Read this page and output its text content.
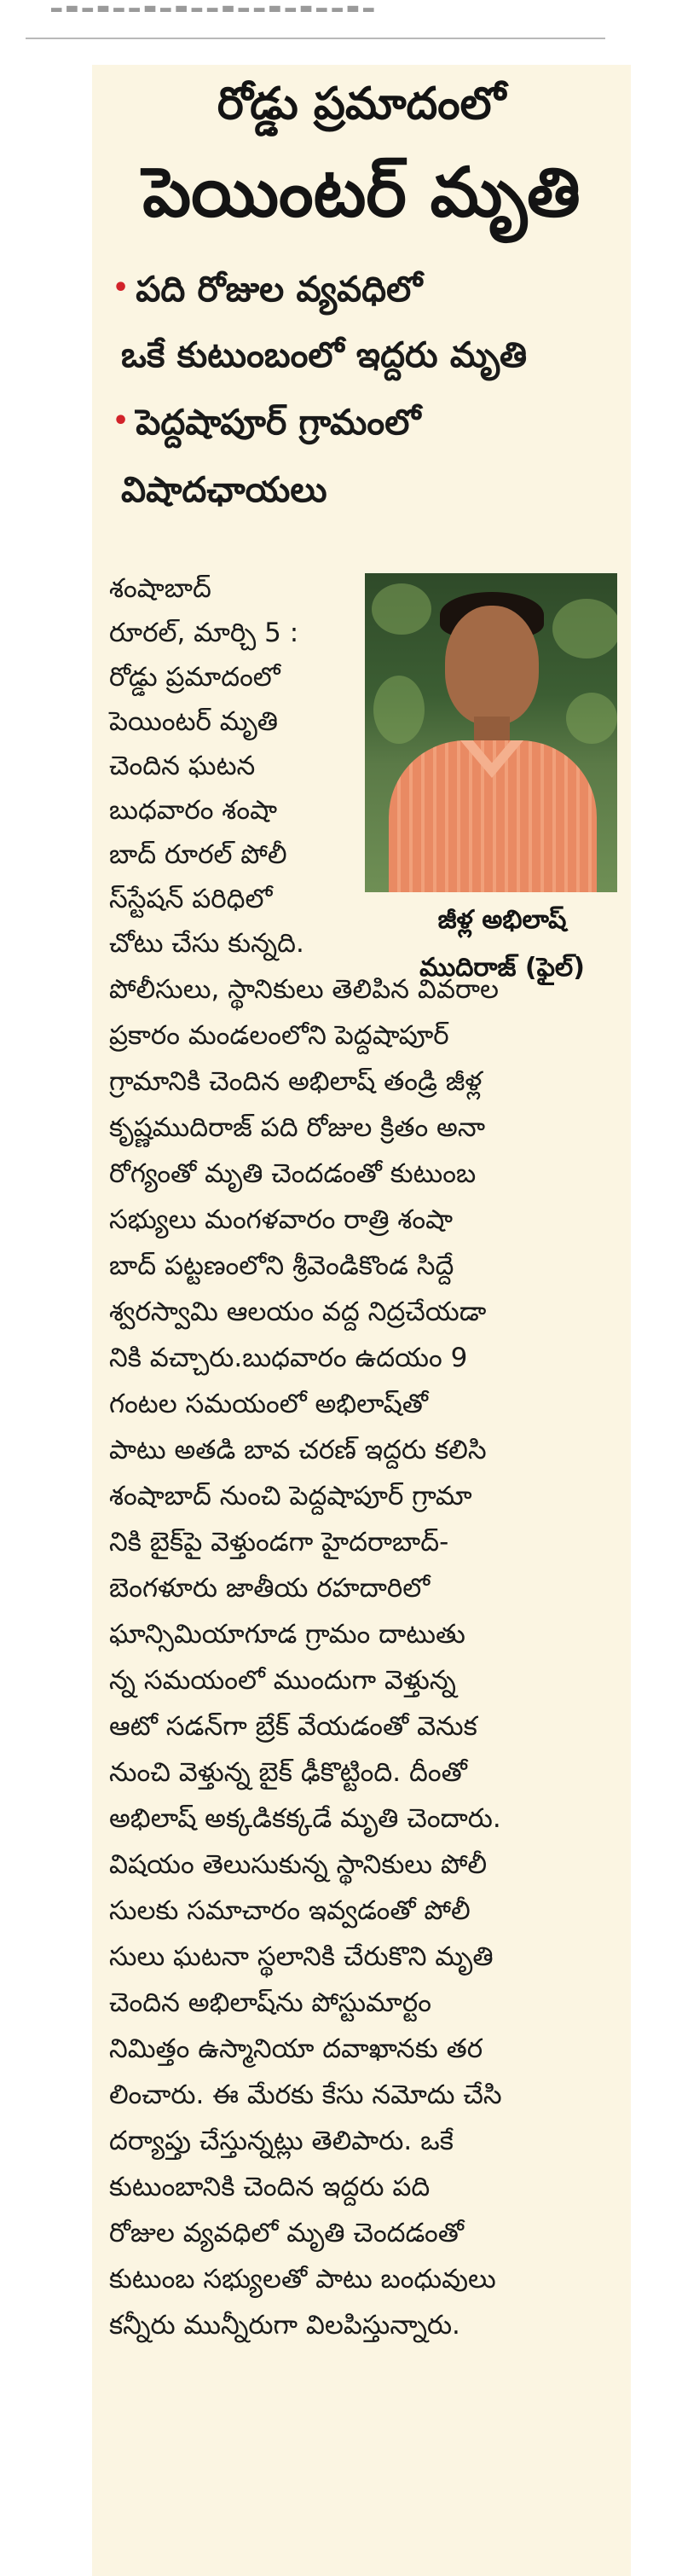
▂▃▂▃▂▂▃▂▃▂▂▃▂▂▃▂▃▂▂▃▂
రోడ్డు ప్రమాదంలో
పెయింటర్ మృతి
• పది రోజుల వ్యవధిలో
ఒకే కుటుంబంలో ఇద్దరు మృతి
• పెద్దషాపూర్ గ్రామంలో
విషాదఛాయలు
జీళ్ల అభిలాష్
ముదిరాజ్ (ఫైల్)
శంషాబాద్
రూరల్, మార్చి 5 :
రోడ్డు ప్రమాదంలో
పెయింటర్ మృతి
చెందిన ఘటన
బుధవారం శంషా
బాద్ రూరల్ పోలీ
స్‌స్టేషన్ పరిధిలో
చోటు చేసు కున్నది.
పోలీసులు, స్థానికులు తెలిపిన వివరాల
ప్రకారం మండలంలోని పెద్దషాపూర్
గ్రామానికి చెందిన అభిలాష్ తండ్రి జీళ్ల
కృష్ణముదిరాజ్ పది రోజుల క్రితం అనా
రోగ్యంతో మృతి చెందడంతో కుటుంబ
సభ్యులు మంగళవారం రాత్రి శంషా
బాద్ పట్టణంలోని శ్రీవెండికొండ సిద్దే
శ్వరస్వామి ఆలయం వద్ద నిద్రచేయడా
నికి వచ్చారు.బుధవారం ఉదయం 9
గంటల సమయంలో అభిలాష్‌తో
పాటు అతడి బావ చరణ్ ఇద్దరు కలిసి
శంషాబాద్ నుంచి పెద్దషాపూర్ గ్రామా
నికి బైక్‌పై వెళ్తుండగా హైదరాబాద్-
బెంగళూరు జాతీయ రహదారిలో
ఘాన్సిమియాగూడ గ్రామం దాటుతు
న్న సమయంలో ముందుగా వెళ్తున్న
ఆటో సడన్‌గా బ్రేక్ వేయడంతో వెనుక
నుంచి వెళ్తున్న బైక్ ఢీకొట్టింది. దీంతో
అభిలాష్ అక్కడికక్కడే మృతి చెందారు.
విషయం తెలుసుకున్న స్థానికులు పోలీ
సులకు సమాచారం ఇవ్వడంతో పోలీ
సులు ఘటనా స్థలానికి చేరుకొని మృతి
చెందిన అభిలాష్‌ను పోస్టుమార్టం
నిమిత్తం ఉస్మానియా దవాఖానకు తర
లించారు. ఈ మేరకు కేసు నమోదు చేసి
దర్యాప్తు చేస్తున్నట్లు తెలిపారు. ఒకే
కుటుంబానికి చెందిన ఇద్దరు పది
రోజుల వ్యవధిలో మృతి చెందడంతో
కుటుంబ సభ్యులతో పాటు బంధువులు
కన్నీరు మున్నీరుగా విలపిస్తున్నారు.
